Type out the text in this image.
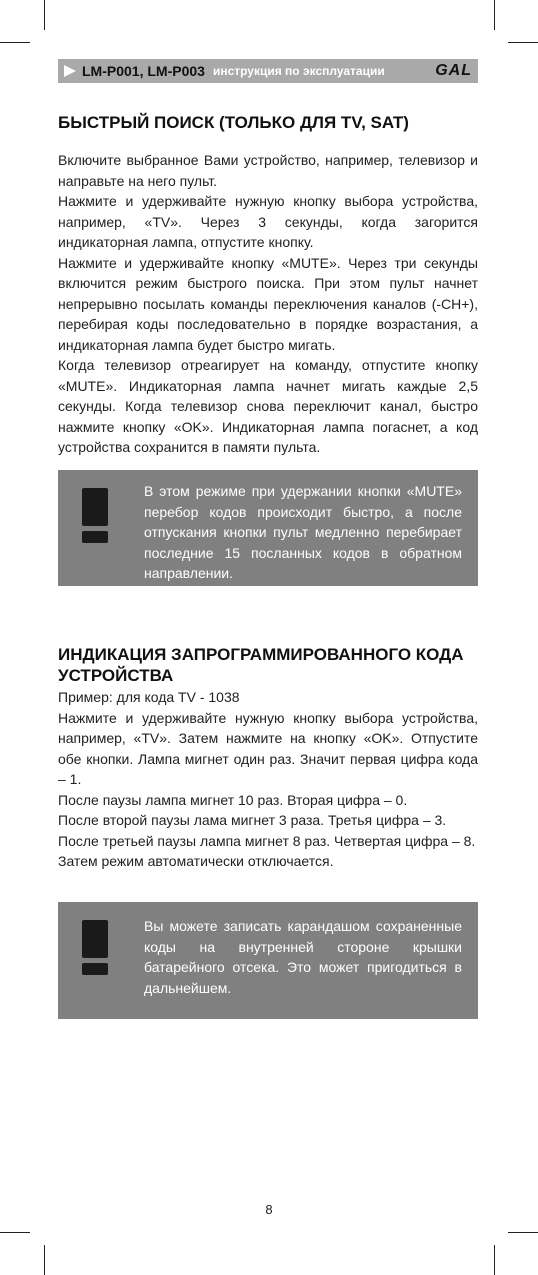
LM-P001, LM-P003 инструкция по эксплуатации	GAL
БЫСТРЫЙ ПОИСК (ТОЛЬКО ДЛЯ TV, SAT)

Включите выбранное Вами устройство, например, телевизор и направьте на него пульт.

Нажмите и удерживайте нужную кнопку выбора устройства, например, «TV». Через 3 секунды, когда загорится индикаторная лампа, отпустите кнопку.

Нажмите и удерживайте кнопку «MUTE». Через три секунды включится режим быстрого поиска. При этом пульт начнет непрерывно посылать команды переключения каналов (-CH+), перебирая коды последовательно в порядке возрастания, а индикаторная лампа будет быстро мигать.

Когда телевизор отреагирует на команду, отпустите кнопку «MUTE». Индикаторная лампа начнет мигать каждые 2,5 секунды. Когда телевизор снова переключит канал, быстро нажмите кнопку «OK». Индикаторная лампа погаснет, а код устройства сохранится в памяти пульта.

В этом режиме при удержании кнопки «MUTE» перебор кодов происходит быстро, а после отпускания кнопки пульт медленно перебирает последние 15 посланных кодов в обратном направлении.

ИНДИКАЦИЯ ЗАПРОГРАММИРОВАННОГО КОДА УСТРОЙСТВА

Пример: для кода TV - 1038

Нажмите и удерживайте нужную кнопку выбора устройства, например, «TV». Затем нажмите на кнопку «OK». Отпустите обе кнопки. Лампа мигнет один раз. Значит первая цифра кода – 1.

После паузы лампа мигнет 10 раз. Вторая цифра – 0.

После второй паузы лама мигнет 3 раза. Третья цифра – 3.

После третьей паузы лампа мигнет 8 раз. Четвертая цифра – 8.

Затем режим автоматически отключается.

Вы можете записать карандашом сохраненные коды на внутренней стороне крышки батарейного отсека. Это может пригодиться в дальнейшем.

8
